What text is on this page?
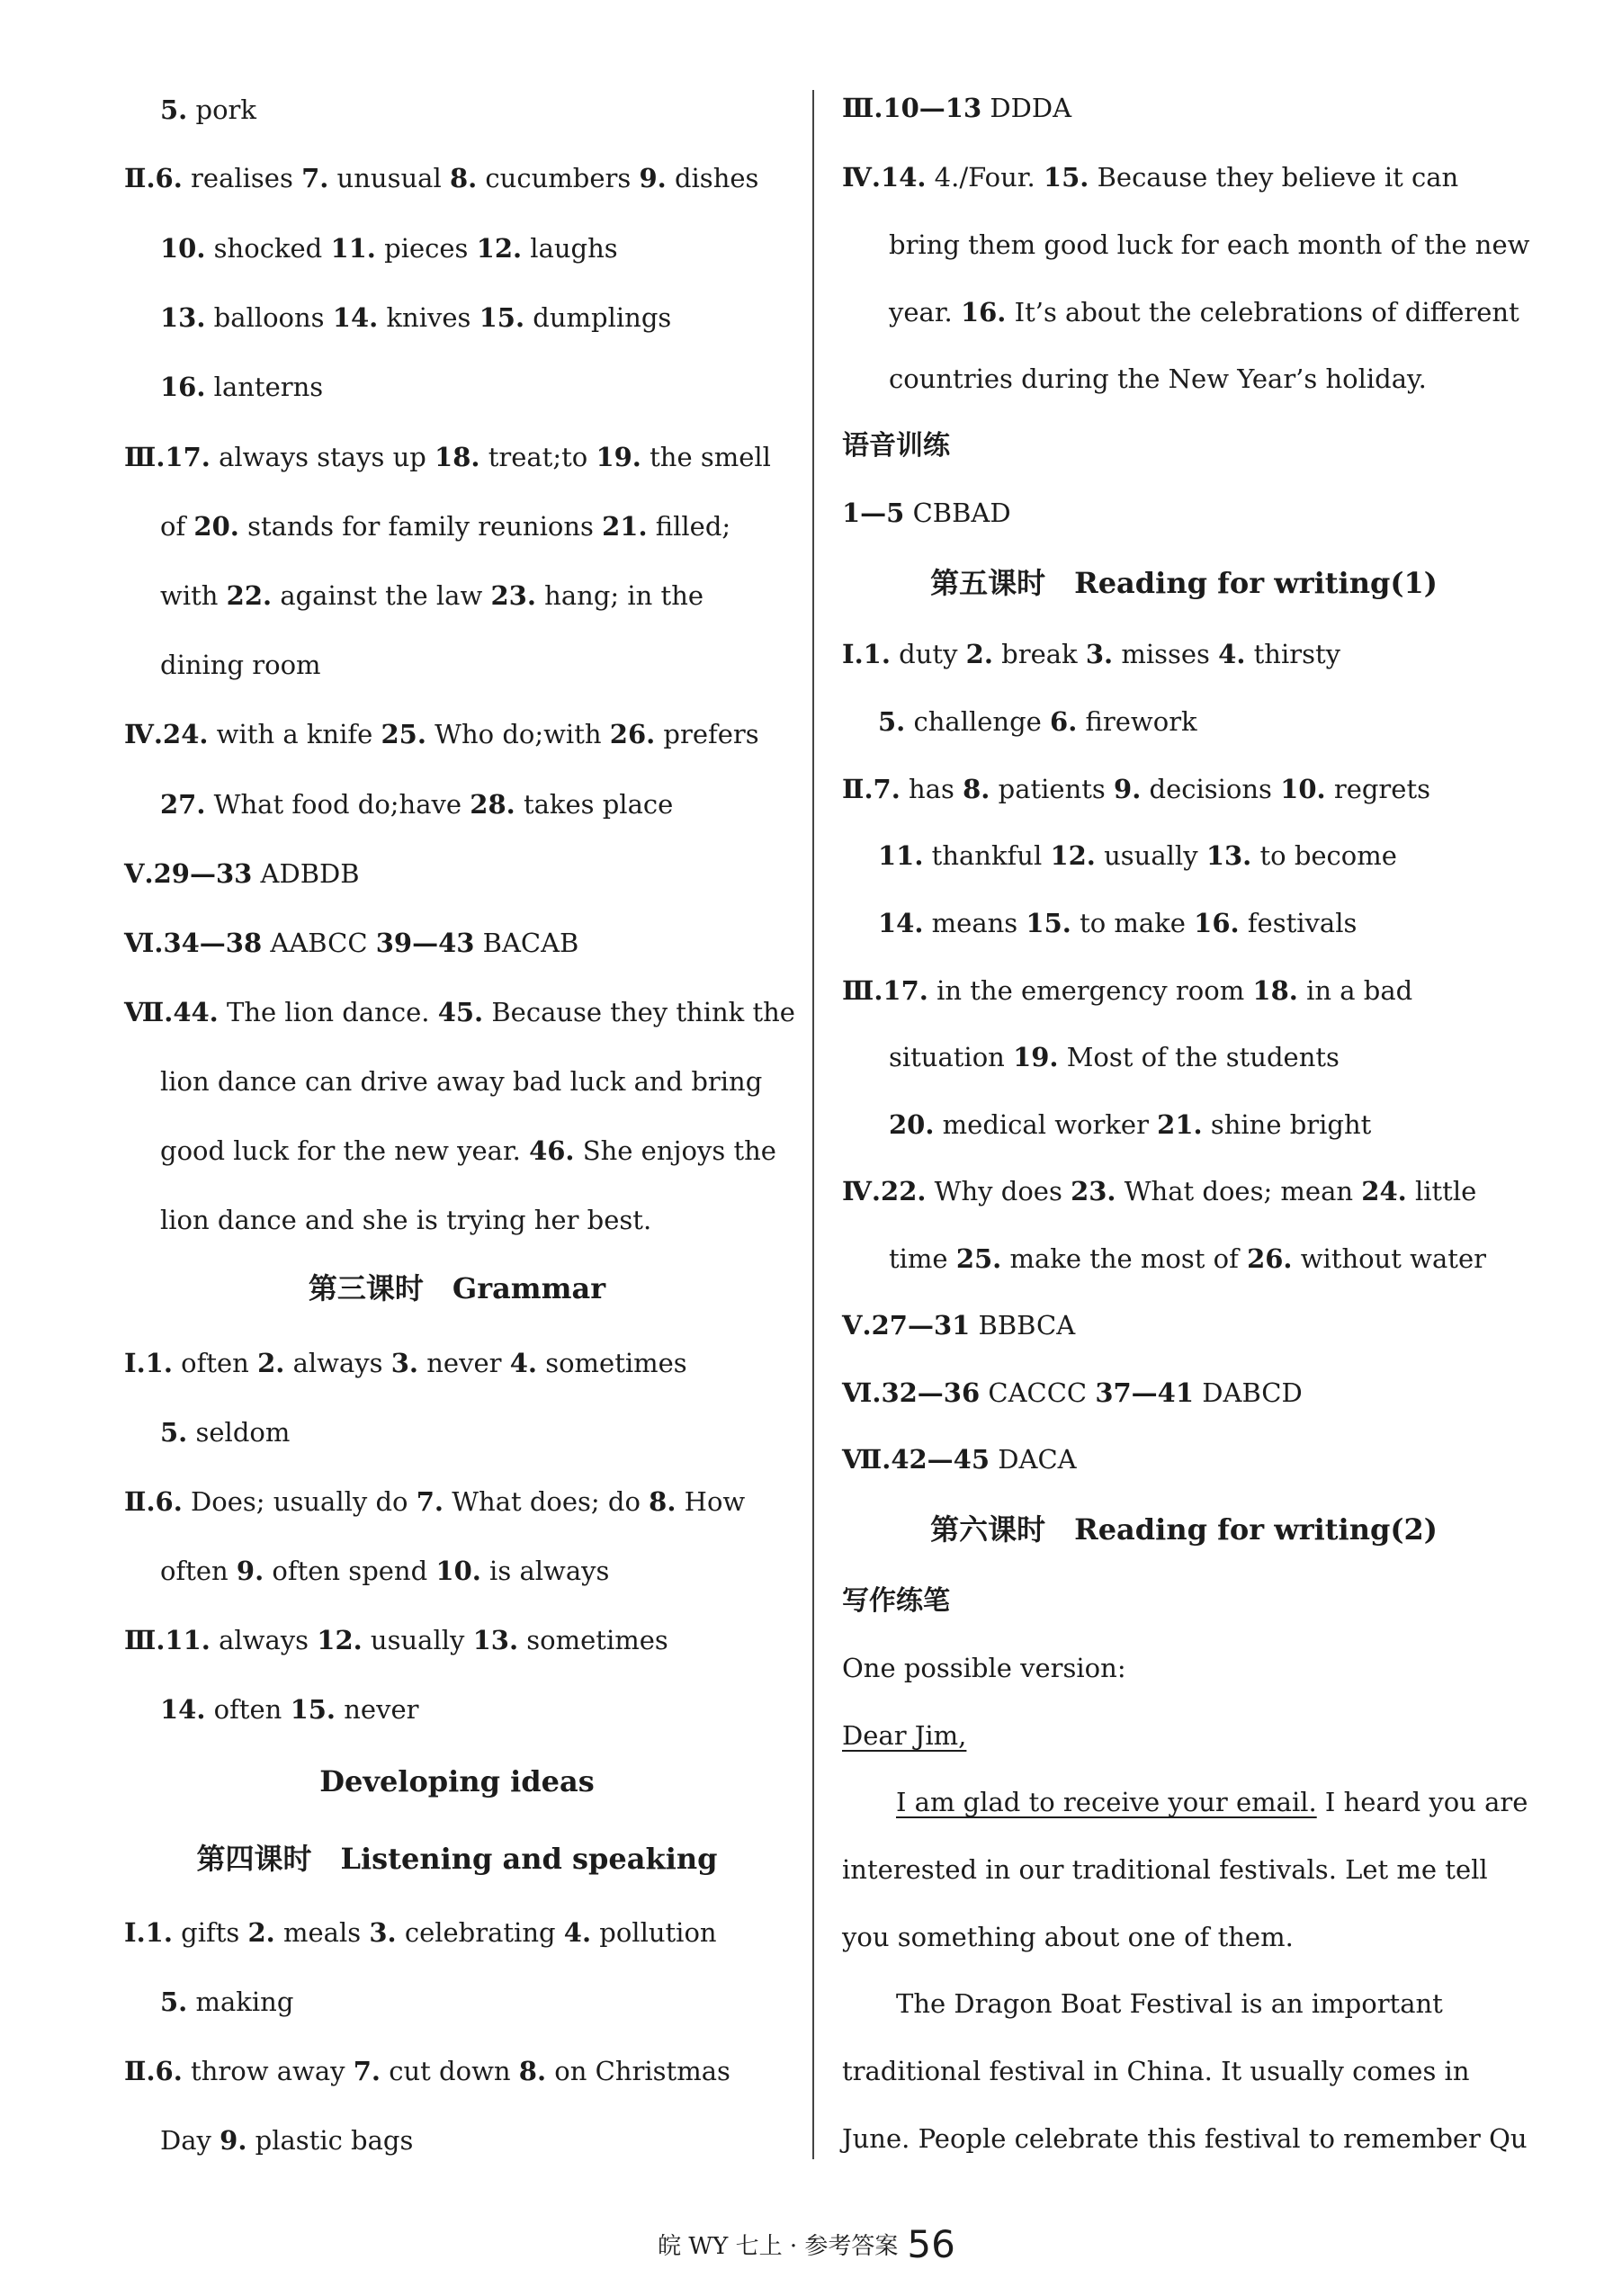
5. pork
Ⅱ.6. realises 7. unusual 8. cucumbers 9. dishes
10. shocked 11. pieces 12. laughs
13. balloons 14. knives 15. dumplings
16. lanterns
Ⅲ.17. always stays up 18. treat;to 19. the smell
of 20. stands for family reunions 21. filled;
with 22. against the law 23. hang; in the
dining room
Ⅳ.24. with a knife 25. Who do;with 26. prefers
27. What food do;have 28. takes place
Ⅴ.29—33 ADBDB
Ⅵ.34—38 AABCC 39—43 BACAB
Ⅶ.44. The lion dance. 45. Because they think the
lion dance can drive away bad luck and bring
good luck for the new year. 46. She enjoys the
lion dance and she is trying her best.
第三课时　Grammar
Ⅰ.1. often 2. always 3. never 4. sometimes
5. seldom
Ⅱ.6. Does; usually do 7. What does; do 8. How
often 9. often spend 10. is always
Ⅲ.11. always 12. usually 13. sometimes
14. often 15. never
Developing ideas
第四课时　Listening and speaking
Ⅰ.1. gifts 2. meals 3. celebrating 4. pollution
5. making
Ⅱ.6. throw away 7. cut down 8. on Christmas
Day 9. plastic bags
Ⅲ.10—13 DDDA
Ⅳ.14. 4./Four. 15. Because they believe it can
bring them good luck for each month of the new
year. 16. It’s about the celebrations of different
countries during the New Year’s holiday.
语音训练
1—5 CBBAD
第五课时　Reading for writing(1)
Ⅰ.1. duty 2. break 3. misses 4. thirsty
5. challenge 6. firework
Ⅱ.7. has 8. patients 9. decisions 10. regrets
11. thankful 12. usually 13. to become
14. means 15. to make 16. festivals
Ⅲ.17. in the emergency room 18. in a bad
situation 19. Most of the students
20. medical worker 21. shine bright
Ⅳ.22. Why does 23. What does; mean 24. little
time 25. make the most of 26. without water
Ⅴ.27—31 BBBCA
Ⅵ.32—36 CACCC 37—41 DABCD
Ⅶ.42—45 DACA
第六课时　Reading for writing(2)
写作练笔
One possible version:
Dear Jim,
I am glad to receive your email. I heard you are
interested in our traditional festivals. Let me tell
you something about one of them.
The Dragon Boat Festival is an important
traditional festival in China. It usually comes in
June. People celebrate this festival to remember Qu
皖 WY 七上 · 参考答案 56
